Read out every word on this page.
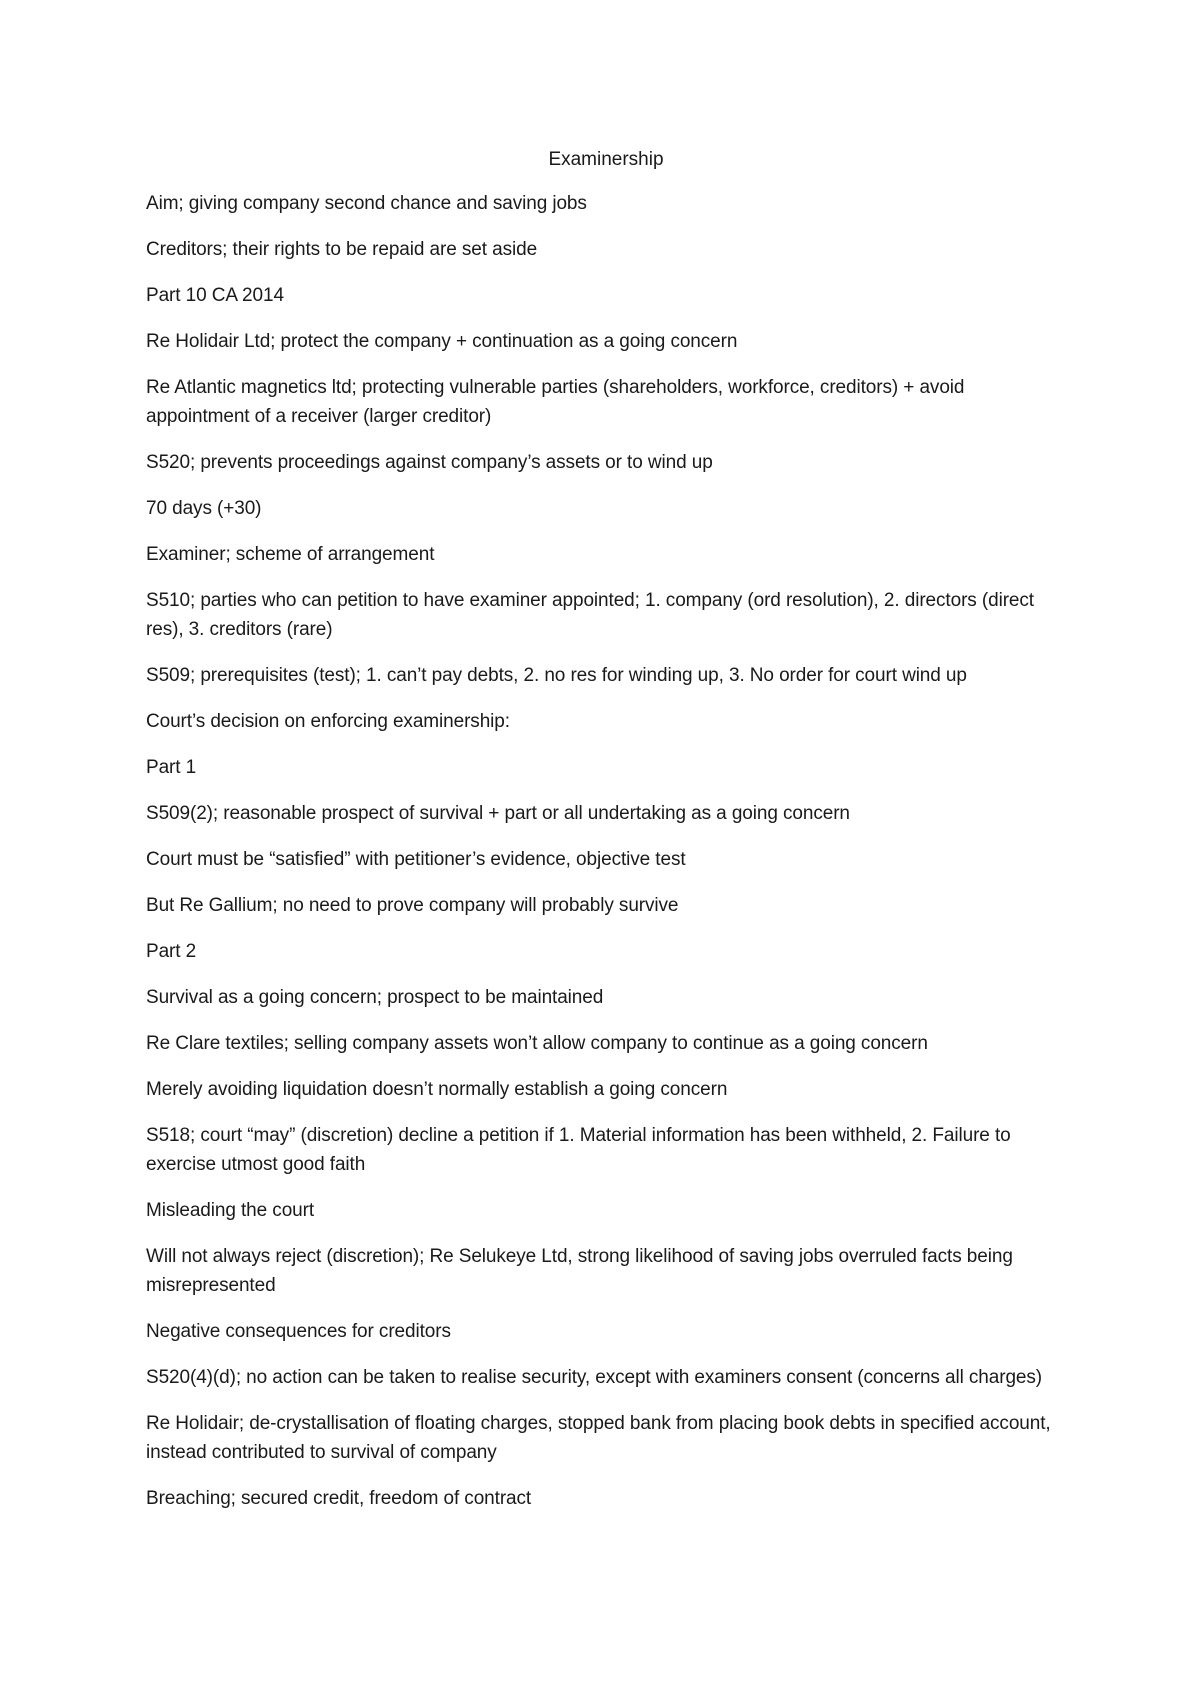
Examinership

Aim; giving company second chance and saving jobs

Creditors; their rights to be repaid are set aside

Part 10 CA 2014

Re Holidair Ltd; protect the company + continuation as a going concern

Re Atlantic magnetics ltd; protecting vulnerable parties (shareholders, workforce, creditors) + avoid appointment of a receiver (larger creditor)

S520; prevents proceedings against company’s assets or to wind up

70 days (+30)

Examiner; scheme of arrangement

S510; parties who can petition to have examiner appointed; 1. company (ord resolution), 2. directors (direct res), 3. creditors (rare)

S509; prerequisites (test); 1. can’t pay debts, 2. no res for winding up, 3. No order for court wind up

Court’s decision on enforcing examinership:

Part 1

S509(2); reasonable prospect of survival + part or all undertaking as a going concern

Court must be “satisfied” with petitioner’s evidence, objective test

But Re Gallium; no need to prove company will probably survive

Part 2

Survival as a going concern; prospect to be maintained

Re Clare textiles; selling company assets won’t allow company to continue as a going concern

Merely avoiding liquidation doesn’t normally establish a going concern

S518; court “may” (discretion) decline a petition if 1. Material information has been withheld, 2. Failure to exercise utmost good faith

Misleading the court

Will not always reject (discretion); Re Selukeye Ltd, strong likelihood of saving jobs overruled facts being misrepresented

Negative consequences for creditors

S520(4)(d); no action can be taken to realise security, except with examiners consent (concerns all charges)

Re Holidair; de-crystallisation of floating charges, stopped bank from placing book debts in specified account, instead contributed to survival of company

Breaching; secured credit, freedom of contract
